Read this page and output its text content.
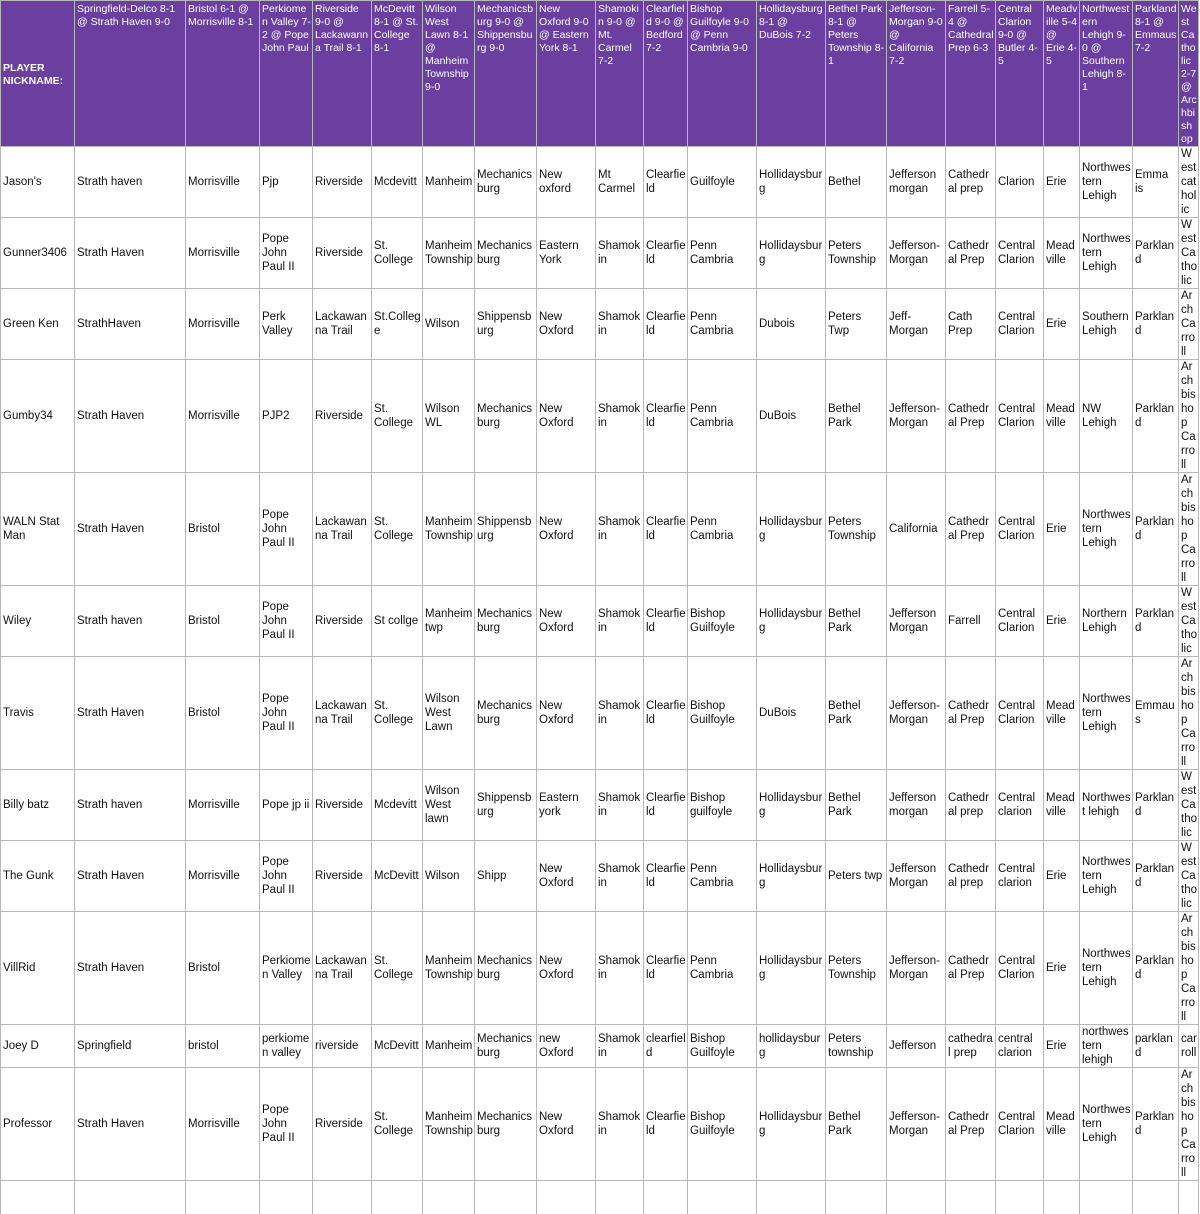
PLAYER NICKNAME:	Springfield-Delco 8-1 @ Strath Haven 9-0	Bristol 6-1 @ Morrisville 8-1	Perkiomen Valley 7-2 @ Pope John Paul	Riverside 9-0 @ Lackawanna Trail 8-1	McDevitt 8-1 @ St. College 8-1	Wilson West Lawn 8-1 @ Manheim Township 9-0	Mechanicsburg 9-0 @ Shippensburg 9-0	New Oxford 9-0 @ Eastern York 8-1	Shamokin 9-0 @ Mt. Carmel 7-2	Clearfield 9-0 @ Bedford 7-2	Bishop Guilfoyle 9-0 @ Penn Cambria 9-0	Hollidaysburg 8-1 @ DuBois 7-2	Bethel Park 8-1 @ Peters Township 8-1	Jefferson-Morgan 9-0 @ California 7-2	Farrell 5-4 @ Cathedral Prep 6-3	Central Clarion 9-0 @ Butler 4-5	Meadville 5-4 @ Erie 4-5	Northwestern Lehigh 9-0 @ Southern Lehigh 8-1	Parkland 8-1 @ Emmaus 7-2	West Catholic 2-7 @ Archbishop
Jason's	Strath haven	Morrisville	Pjp	Riverside	Mcdevitt	Manheim	Mechanicsburg	New oxford	Mt Carmel	Clearfield	Guilfoyle	Hollidaysburg	Bethel	Jefferson morgan	Cathedral prep	Clarion	Erie	Northwestern Lehigh	Emma is	West catholic
Gunner3406	Strath Haven	Morrisville	Pope John Paul II	Riverside	St. College	Manheim Township	Mechanicsburg	Eastern York	Shamokin	Clearfield	Penn Cambria	Hollidaysburg	Peters Township	Jefferson-Morgan	Cathedral Prep	Central Clarion	Meadville	Northwestern Lehigh	Parkland	West Catholic
Green Ken	StrathHaven	Morrisville	Perk Valley	Lackawanna Trail	St.College	Wilson	Shippensburg	New Oxford	Shamokin	Clearfield	Penn Cambria	Dubois	Peters Twp	Jeff-Morgan	Cath Prep	Central Clarion	Erie	Southern Lehigh	Parkland	Arch Carroll
Gumby34	Strath Haven	Morrisville	PJP2	Riverside	St. College	Wilson WL	Mechanicsburg	New Oxford	Shamokin	Clearfield	Penn Cambria	DuBois	Bethel Park	Jefferson-Morgan	Cathedral Prep	Central Clarion	Meadville	NW Lehigh	Parkland	Archbishop Carroll
WALN Stat Man	Strath Haven	Bristol	Pope John Paul II	Lackawanna Trail	St. College	Manheim Township	Shippensburg	New Oxford	Shamokin	Clearfield	Penn Cambria	Hollidaysburg	Peters Township	California	Cathedral Prep	Central Clarion	Erie	Northwestern Lehigh	Parkland	Archbishop Carroll
Wiley	Strath haven	Bristol	Pope John Paul II	Riverside	St collge	Manheim twp	Mechanicsburg	New Oxford	Shamokin	Clearfield	Bishop Guilfoyle	Hollidaysburg	Bethel Park	Jefferson Morgan	Farrell	Central Clarion	Erie	Northern Lehigh	Parkland	West Catholic
Travis	Strath Haven	Bristol	Pope John Paul II	Lackawanna Trail	St. College	Wilson West Lawn	Mechanicsburg	New Oxford	Shamokin	Clearfield	Bishop Guilfoyle	DuBois	Bethel Park	Jefferson-Morgan	Cathedral Prep	Central Clarion	Meadville	Northwestern Lehigh	Emmaus	Archbishop Carroll
Billy batz	Strath haven	Morrisville	Pope jp ii	Riverside	Mcdevitt	Wilson West lawn	Shippensburg	Eastern york	Shamokin	Clearfield	Bishop guilfoyle	Hollidaysburg	Bethel Park	Jefferson morgan	Cathedral prep	Central clarion	Meadville	Northwest lehigh	Parkland	West Catholic
The Gunk	Strath Haven	Morrisville	Pope John Paul II	Riverside	McDevitt	Wilson	Shipp	New Oxford	Shamokin	Clearfield	Penn Cambria	Hollidaysburg	Peters twp	Jefferson Morgan	Cathedral prep	Central clarion	Erie	Northwestern Lehigh	Parkland	West Catholic
VillRid	Strath Haven	Bristol	Perkiomen Valley	Lackawanna Trail	St. College	Manheim Township	Mechanicsburg	New Oxford	Shamokin	Clearfield	Penn Cambria	Hollidaysburg	Peters Township	Jefferson-Morgan	Cathedral Prep	Central Clarion	Erie	Northwestern Lehigh	Parkland	Archbishop Carroll
Joey D	Springfield	bristol	perkiomen valley	riverside	McDevitt	Manheim	Mechanicsburg	new Oxford	Shamokin	clearfield	Bishop Guilfoyle	hollidaysburg	Peters township	Jefferson	cathedral prep	central clarion	Erie	northwestern lehigh	parkland	carroll
Professor	Strath Haven	Morrisville	Pope John Paul II	Riverside	St. College	Manheim Township	Mechanicsburg	New Oxford	Shamokin	Clearfield	Bishop Guilfoyle	Hollidaysburg	Bethel Park	Jefferson-Morgan	Cathedral Prep	Central Clarion	Meadville	Northwestern Lehigh	Parkland	Archbishop Carroll
